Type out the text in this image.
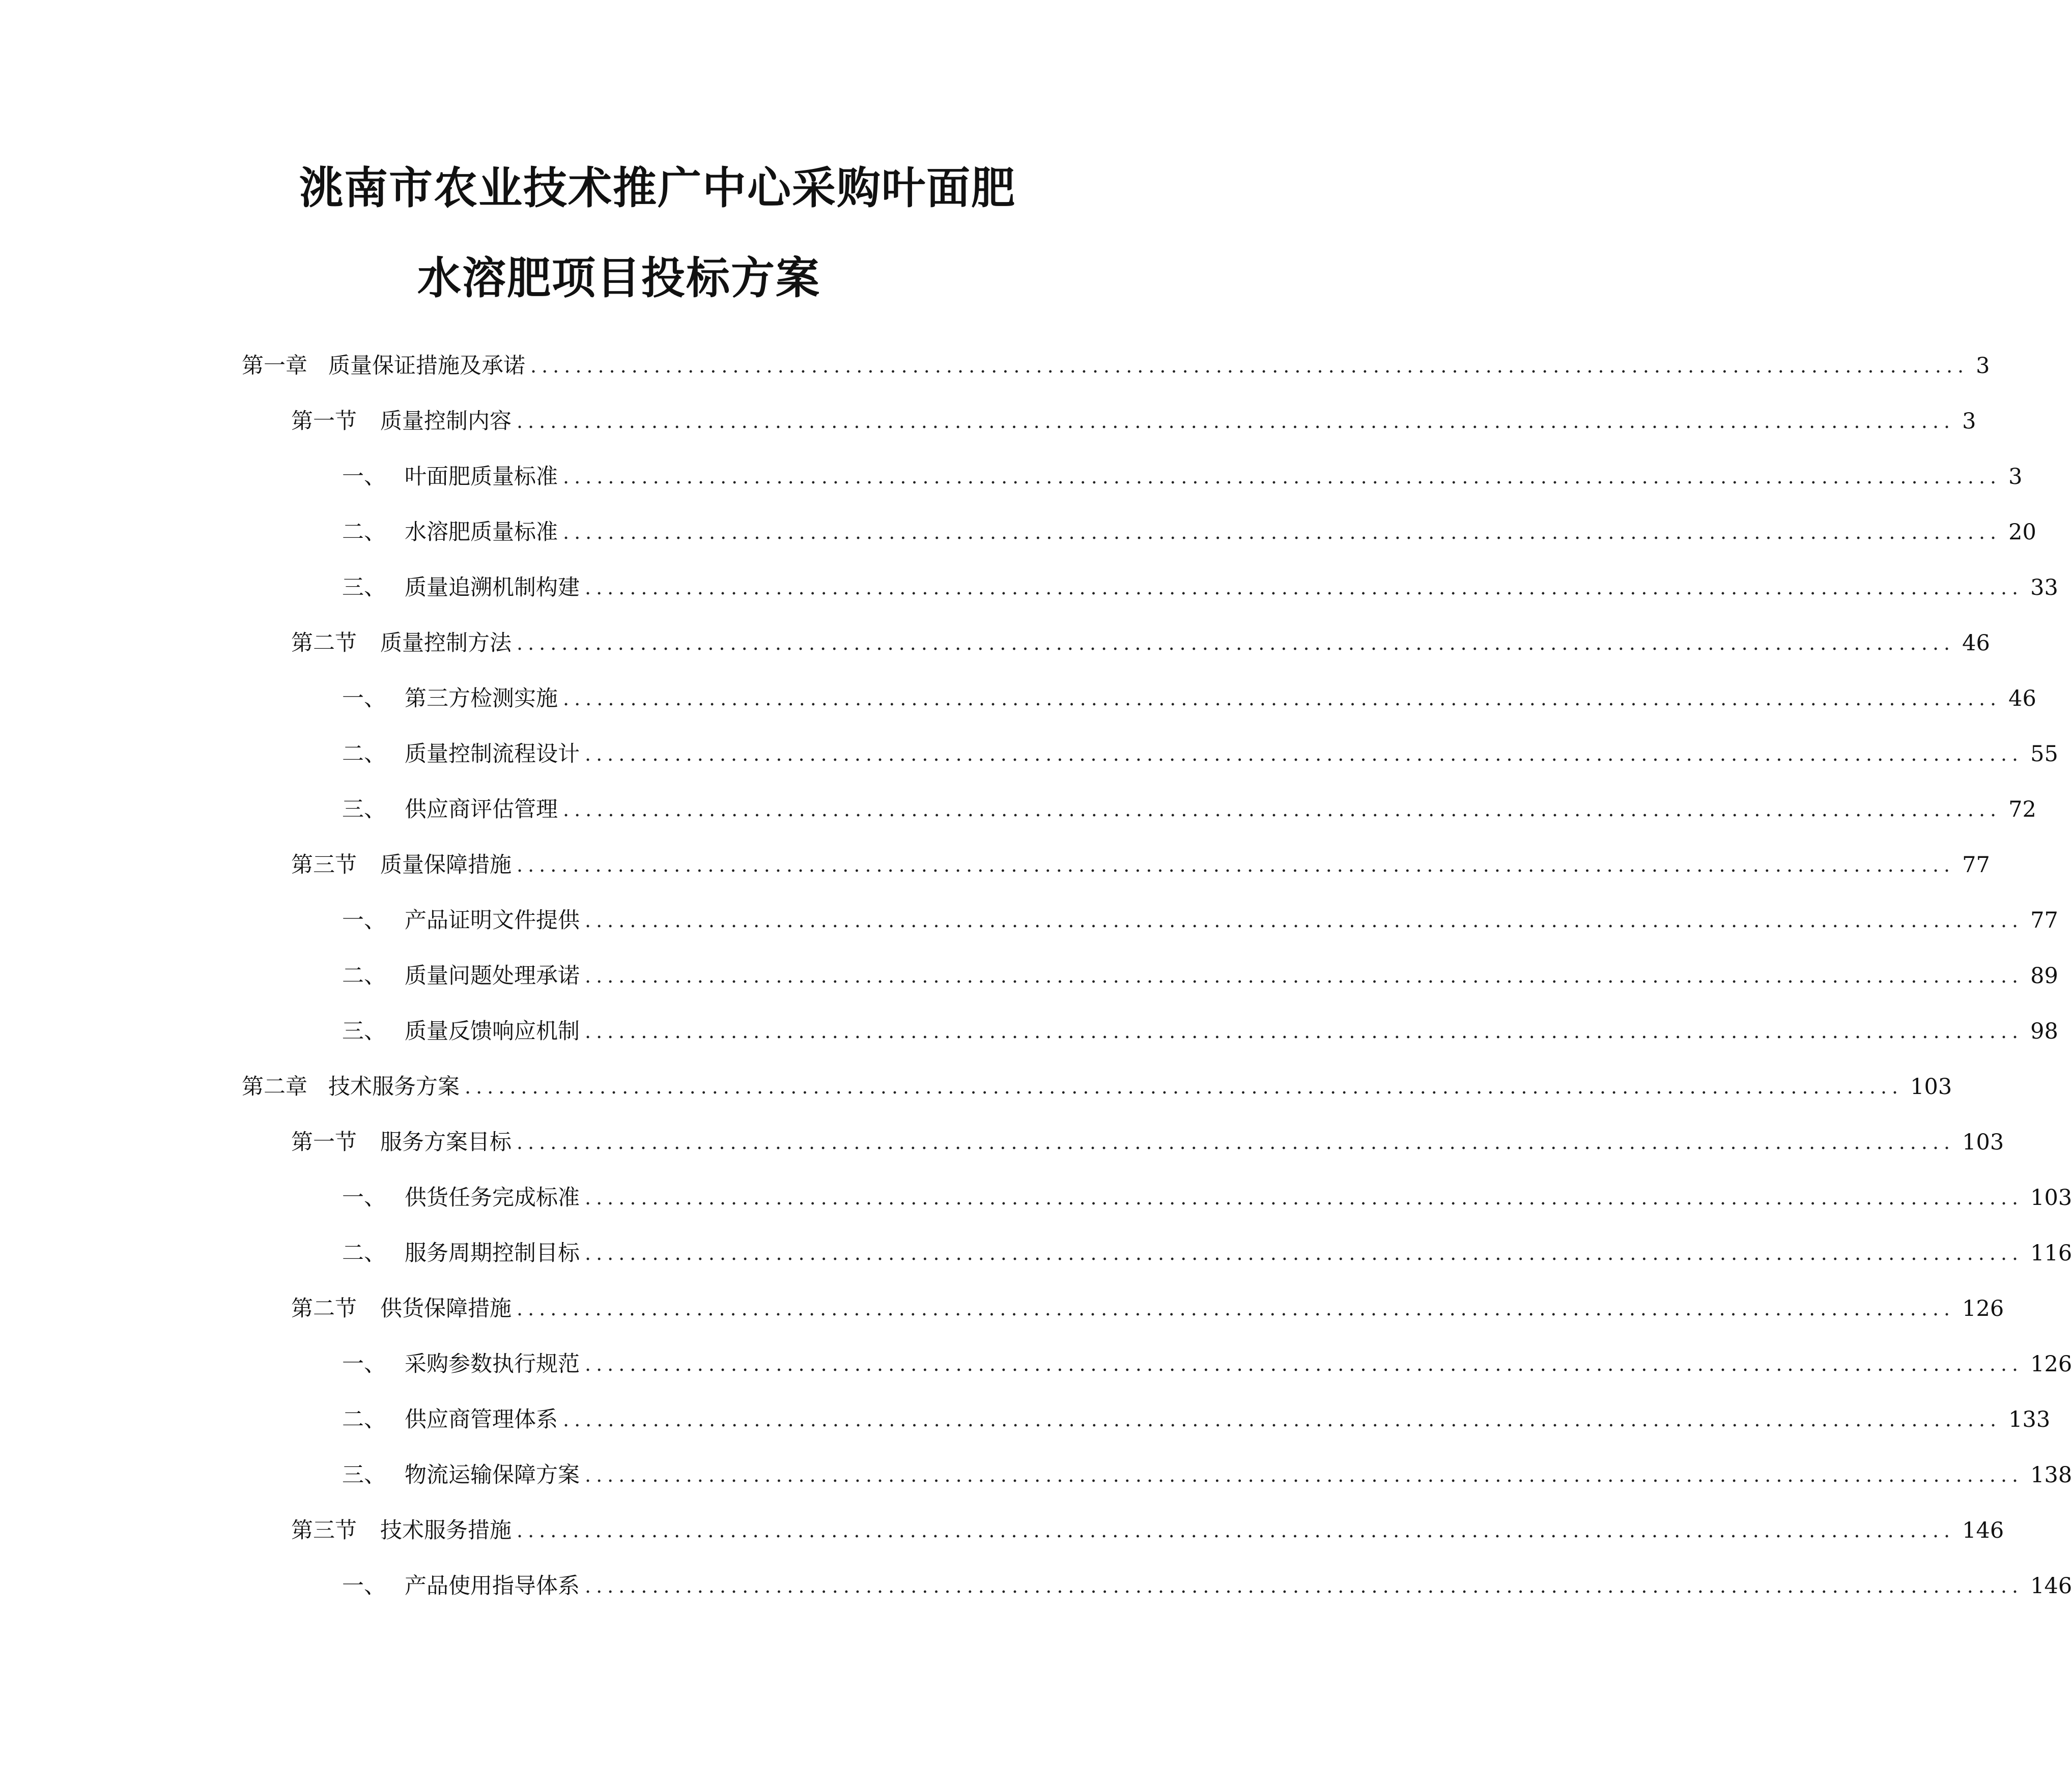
洮南市农业技术推广中心采购叶面肥
水溶肥项目投标方案
第一章 质量保证措施及承诺 ................................................................................................................................ 3
第一节	质量控制内容 ................................................................................................................................ 3
一、 叶面肥质量标准 ................................................................................................................................ 3
二、 水溶肥质量标准 ................................................................................................................................ 20
三、 质量追溯机制构建 ................................................................................................................................ 33
第二节	质量控制方法 ................................................................................................................................ 46
一、 第三方检测实施 ................................................................................................................................ 46
二、 质量控制流程设计 ................................................................................................................................ 55
三、 供应商评估管理 ................................................................................................................................ 72
第三节	质量保障措施 ................................................................................................................................ 77
一、 产品证明文件提供 ................................................................................................................................ 77
二、 质量问题处理承诺 ................................................................................................................................ 89
三、 质量反馈响应机制 ................................................................................................................................ 98
第二章 技术服务方案 ................................................................................................................................ 103
第一节	服务方案目标 ................................................................................................................................ 103
一、 供货任务完成标准 ................................................................................................................................ 103
二、 服务周期控制目标 ................................................................................................................................ 116
第二节	供货保障措施 ................................................................................................................................ 126
一、 采购参数执行规范 ................................................................................................................................ 126
二、 供应商管理体系 ................................................................................................................................ 133
三、 物流运输保障方案 ................................................................................................................................ 138
第三节	技术服务措施 ................................................................................................................................ 146
一、 产品使用指导体系 ................................................................................................................................ 146
